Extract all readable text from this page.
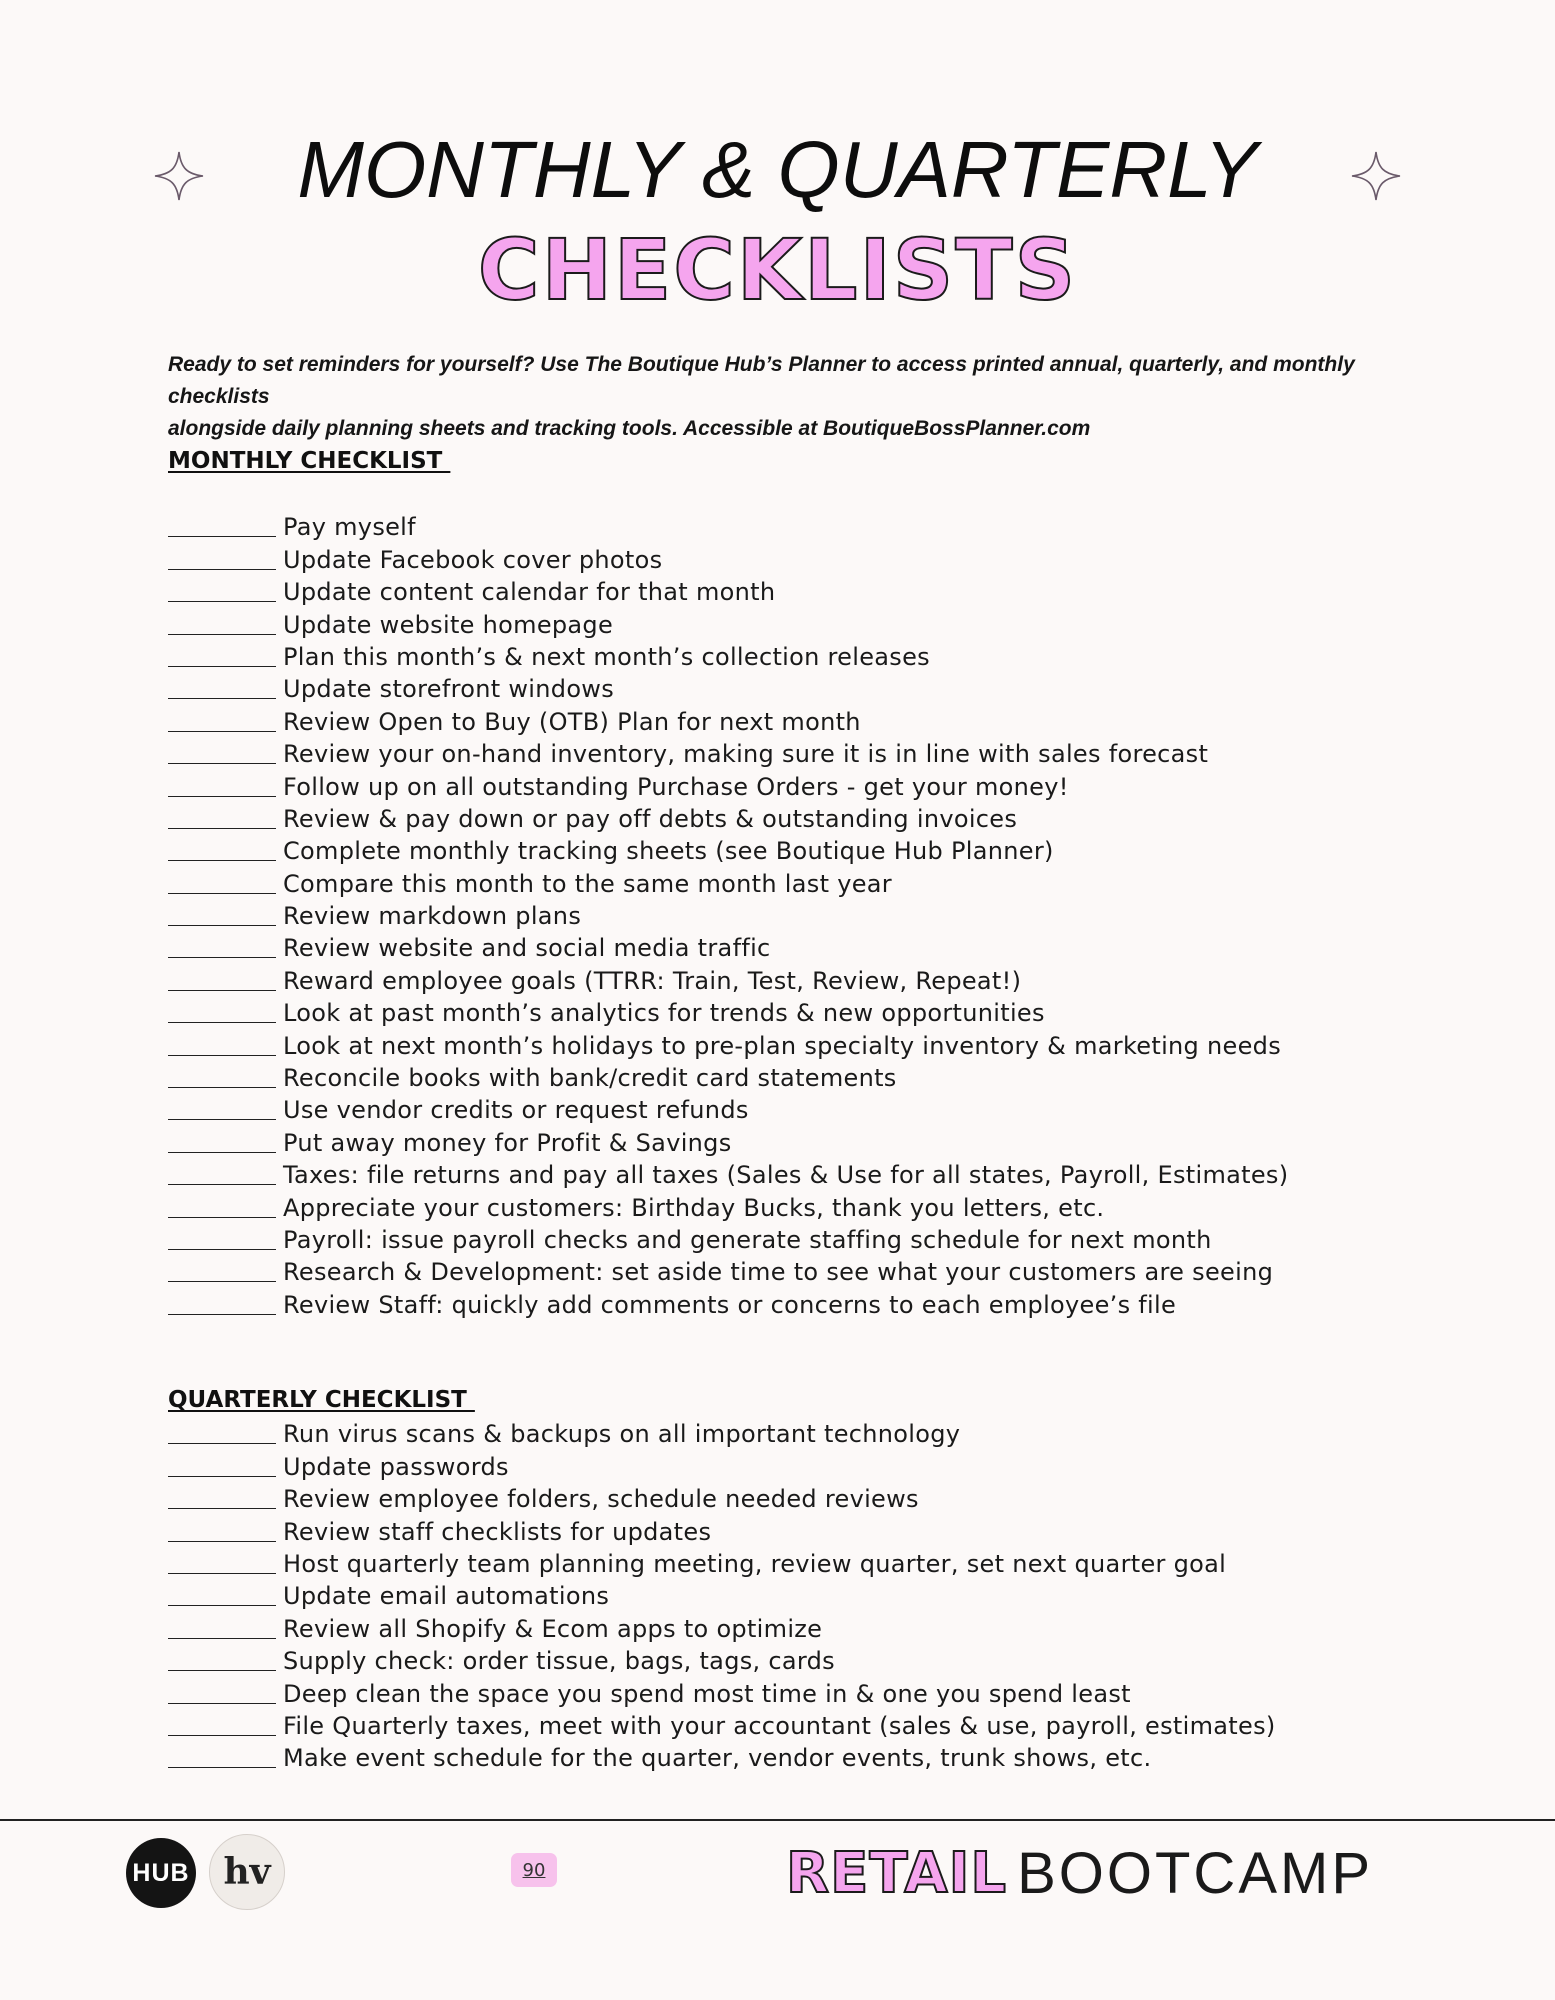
MONTHLY & QUARTERLY
CHECKLISTS
Ready to set reminders for yourself? Use The Boutique Hub’s Planner to access printed annual, quarterly, and monthly checklists
alongside daily planning sheets and tracking tools. Accessible at BoutiqueBossPlanner.com
MONTHLY CHECKLIST
Pay myself
Update Facebook cover photos
Update content calendar for that month
Update website homepage
Plan this month’s & next month’s collection releases
Update storefront windows
Review Open to Buy (OTB) Plan for next month
Review your on-hand inventory, making sure it is in line with sales forecast
Follow up on all outstanding Purchase Orders - get your money!
Review & pay down or pay off debts & outstanding invoices
Complete monthly tracking sheets (see Boutique Hub Planner)
Compare this month to the same month last year
Review markdown plans
Review website and social media traffic
Reward employee goals (TTRR: Train, Test, Review, Repeat!)
Look at past month’s analytics for trends & new opportunities
Look at next month’s holidays to pre-plan specialty inventory & marketing needs
Reconcile books with bank/credit card statements
Use vendor credits or request refunds
Put away money for Profit & Savings
Taxes: file returns and pay all taxes (Sales & Use for all states, Payroll, Estimates)
Appreciate your customers: Birthday Bucks, thank you letters, etc.
Payroll: issue payroll checks and generate staffing schedule for next month
Research & Development: set aside time to see what your customers are seeing
Review Staff: quickly add comments or concerns to each employee’s file
QUARTERLY CHECKLIST
Run virus scans & backups on all important technology
Update passwords
Review employee folders, schedule needed reviews
Review staff checklists for updates
Host quarterly team planning meeting, review quarter, set next quarter goal
Update email automations
Review all Shopify & Ecom apps to optimize
Supply check: order tissue, bags, tags, cards
Deep clean the space you spend most time in & one you spend least
File Quarterly taxes, meet with your accountant (sales & use, payroll, estimates)
Make event schedule for the quarter, vendor events, trunk shows, etc.
HUB hv	90	RETAIL BOOTCAMP
